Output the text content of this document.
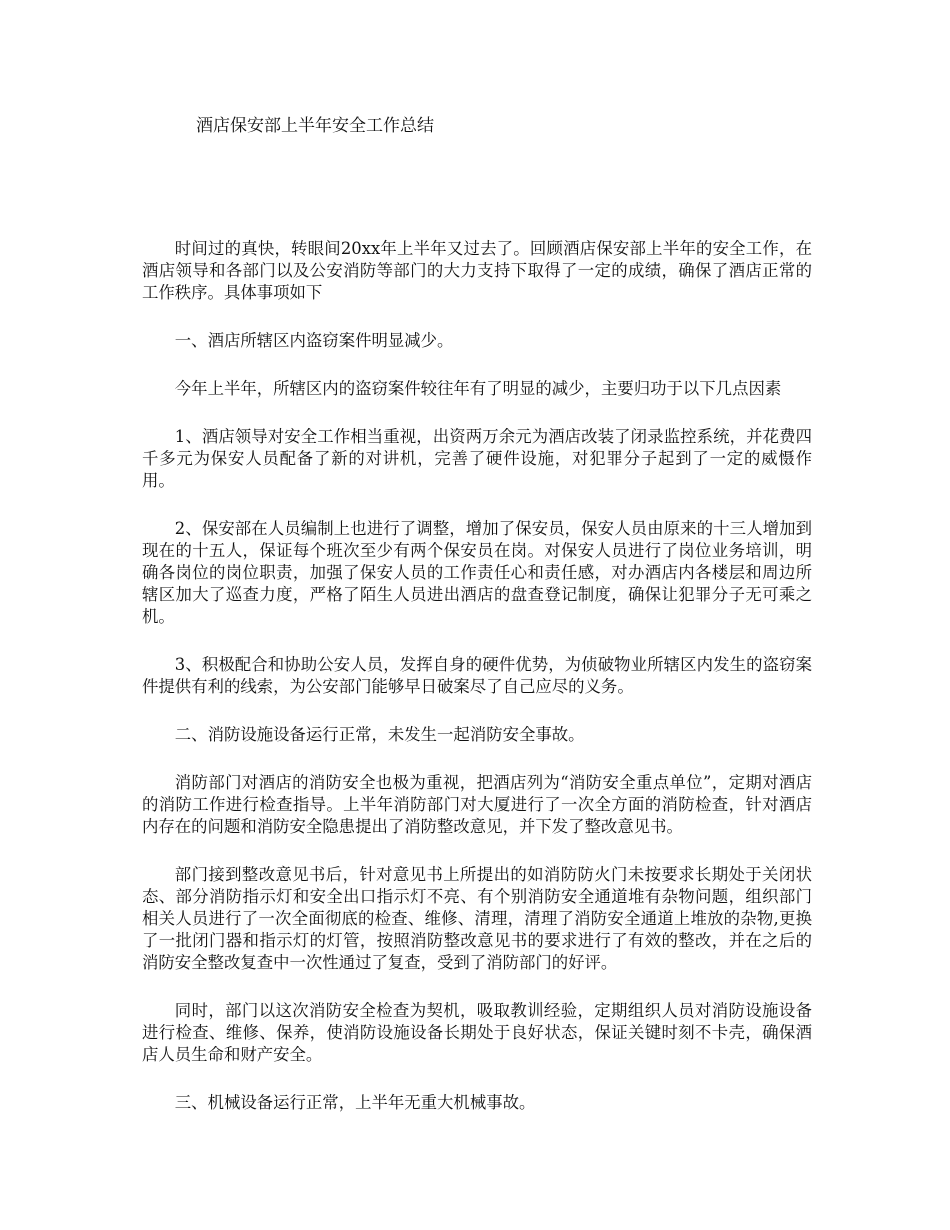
酒店保安部上半年安全工作总结

时间过的真快，转眼间20xx年上半年又过去了。回顾酒店保安部上半年的安全工作，在酒店领导和各部门以及公安消防等部门的大力支持下取得了一定的成绩，确保了酒店正常的工作秩序。具体事项如下

一、酒店所辖区内盗窃案件明显减少。

今年上半年，所辖区内的盗窃案件较往年有了明显的减少，主要归功于以下几点因素

1、酒店领导对安全工作相当重视，出资两万余元为酒店改装了闭录监控系统，并花费四千多元为保安人员配备了新的对讲机，完善了硬件设施，对犯罪分子起到了一定的威慑作用。

2、保安部在人员编制上也进行了调整，增加了保安员，保安人员由原来的十三人增加到现在的十五人，保证每个班次至少有两个保安员在岗。对保安人员进行了岗位业务培训，明确各岗位的岗位职责，加强了保安人员的工作责任心和责任感，对办酒店内各楼层和周边所辖区加大了巡查力度，严格了陌生人员进出酒店的盘查登记制度，确保让犯罪分子无可乘之机。

3、积极配合和协助公安人员，发挥自身的硬件优势，为侦破物业所辖区内发生的盗窃案件提供有利的线索，为公安部门能够早日破案尽了自己应尽的义务。

二、消防设施设备运行正常，未发生一起消防安全事故。

消防部门对酒店的消防安全也极为重视，把酒店列为“消防安全重点单位”，定期对酒店的消防工作进行检查指导。上半年消防部门对大厦进行了一次全方面的消防检查，针对酒店内存在的问题和消防安全隐患提出了消防整改意见，并下发了整改意见书。

部门接到整改意见书后，针对意见书上所提出的如消防防火门未按要求长期处于关闭状态、部分消防指示灯和安全出口指示灯不亮、有个别消防安全通道堆有杂物问题，组织部门相关人员进行了一次全面彻底的检查、维修、清理，清理了消防安全通道上堆放的杂物,更换了一批闭门器和指示灯的灯管，按照消防整改意见书的要求进行了有效的整改，并在之后的消防安全整改复查中一次性通过了复查，受到了消防部门的好评。

同时，部门以这次消防安全检查为契机，吸取教训经验，定期组织人员对消防设施设备进行检查、维修、保养，使消防设施设备长期处于良好状态，保证关键时刻不卡壳，确保酒店人员生命和财产安全。

三、机械设备运行正常，上半年无重大机械事故。
